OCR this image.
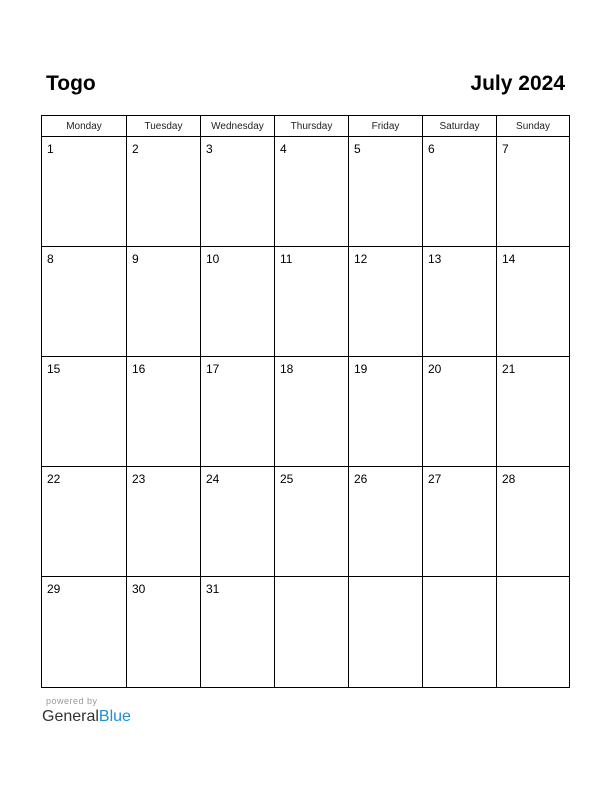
Togo	July 2024
Monday	Tuesday	Wednesday	Thursday	Friday	Saturday	Sunday
1	2	3	4	5	6	7
8	9	10	11	12	13	14
15	16	17	18	19	20	21
22	23	24	25	26	27	28
29	30	31
powered by
GeneralBlue
